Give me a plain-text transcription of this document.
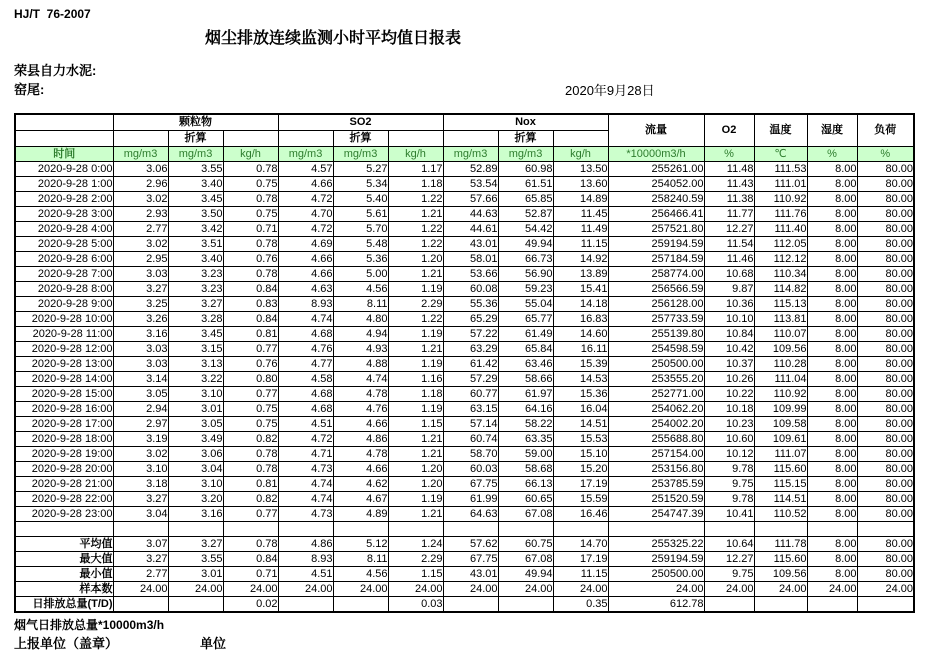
HJ/T  76-2007
烟尘排放连续监测小时平均值日报表
荣县自力水泥:
窑尾:	2020年9月28日
	颗粒物			SO2			Nox			流量	O2	温度	湿度	负荷
		折算			折算			折算						
时间	mg/m3	mg/m3	kg/h	mg/m3	mg/m3	kg/h	mg/m3	mg/m3	kg/h	*10000m3/h	%	℃	%	%
2020-9-28 0:00	3.06	3.55	0.78	4.57	5.27	1.17	52.89	60.98	13.50	255261.00	11.48	111.53	8.00	80.00
2020-9-28 1:00	2.96	3.40	0.75	4.66	5.34	1.18	53.54	61.51	13.60	254052.00	11.43	111.01	8.00	80.00
2020-9-28 2:00	3.02	3.45	0.78	4.72	5.40	1.22	57.66	65.85	14.89	258240.59	11.38	110.92	8.00	80.00
2020-9-28 3:00	2.93	3.50	0.75	4.70	5.61	1.21	44.63	52.87	11.45	256466.41	11.77	111.76	8.00	80.00
2020-9-28 4:00	2.77	3.42	0.71	4.72	5.70	1.22	44.61	54.42	11.49	257521.80	12.27	111.40	8.00	80.00
2020-9-28 5:00	3.02	3.51	0.78	4.69	5.48	1.22	43.01	49.94	11.15	259194.59	11.54	112.05	8.00	80.00
2020-9-28 6:00	2.95	3.40	0.76	4.66	5.36	1.20	58.01	66.73	14.92	257184.59	11.46	112.12	8.00	80.00
2020-9-28 7:00	3.03	3.23	0.78	4.66	5.00	1.21	53.66	56.90	13.89	258774.00	10.68	110.34	8.00	80.00
2020-9-28 8:00	3.27	3.23	0.84	4.63	4.56	1.19	60.08	59.23	15.41	256566.59	9.87	114.82	8.00	80.00
2020-9-28 9:00	3.25	3.27	0.83	8.93	8.11	2.29	55.36	55.04	14.18	256128.00	10.36	115.13	8.00	80.00
2020-9-28 10:00	3.26	3.28	0.84	4.74	4.80	1.22	65.29	65.77	16.83	257733.59	10.10	113.81	8.00	80.00
2020-9-28 11:00	3.16	3.45	0.81	4.68	4.94	1.19	57.22	61.49	14.60	255139.80	10.84	110.07	8.00	80.00
2020-9-28 12:00	3.03	3.15	0.77	4.76	4.93	1.21	63.29	65.84	16.11	254598.59	10.42	109.56	8.00	80.00
2020-9-28 13:00	3.03	3.13	0.76	4.77	4.88	1.19	61.42	63.46	15.39	250500.00	10.37	110.28	8.00	80.00
2020-9-28 14:00	3.14	3.22	0.80	4.58	4.74	1.16	57.29	58.66	14.53	253555.20	10.26	111.04	8.00	80.00
2020-9-28 15:00	3.05	3.10	0.77	4.68	4.78	1.18	60.77	61.97	15.36	252771.00	10.22	110.92	8.00	80.00
2020-9-28 16:00	2.94	3.01	0.75	4.68	4.76	1.19	63.15	64.16	16.04	254062.20	10.18	109.99	8.00	80.00
2020-9-28 17:00	2.97	3.05	0.75	4.51	4.66	1.15	57.14	58.22	14.51	254002.20	10.23	109.58	8.00	80.00
2020-9-28 18:00	3.19	3.49	0.82	4.72	4.86	1.21	60.74	63.35	15.53	255688.80	10.60	109.61	8.00	80.00
2020-9-28 19:00	3.02	3.06	0.78	4.71	4.78	1.21	58.70	59.00	15.10	257154.00	10.12	111.07	8.00	80.00
2020-9-28 20:00	3.10	3.04	0.78	4.73	4.66	1.20	60.03	58.68	15.20	253156.80	9.78	115.60	8.00	80.00
2020-9-28 21:00	3.18	3.10	0.81	4.74	4.62	1.20	67.75	66.13	17.19	253785.59	9.75	115.15	8.00	80.00
2020-9-28 22:00	3.27	3.20	0.82	4.74	4.67	1.19	61.99	60.65	15.59	251520.59	9.78	114.51	8.00	80.00
2020-9-28 23:00	3.04	3.16	0.77	4.73	4.89	1.21	64.63	67.08	16.46	254747.39	10.41	110.52	8.00	80.00

平均值	3.07	3.27	0.78	4.86	5.12	1.24	57.62	60.75	14.70	255325.22	10.64	111.78	8.00	80.00
最大值	3.27	3.55	0.84	8.93	8.11	2.29	67.75	67.08	17.19	259194.59	12.27	115.60	8.00	80.00
最小值	2.77	3.01	0.71	4.51	4.56	1.15	43.01	49.94	11.15	250500.00	9.75	109.56	8.00	80.00
样本数	24.00	24.00	24.00	24.00	24.00	24.00	24.00	24.00	24.00	24.00	24.00	24.00	24.00	24.00
日排放总量(T/D)			0.02			0.03			0.35	612.78				
烟气日排放总量*10000m3/h
上报单位（盖章）	单位
